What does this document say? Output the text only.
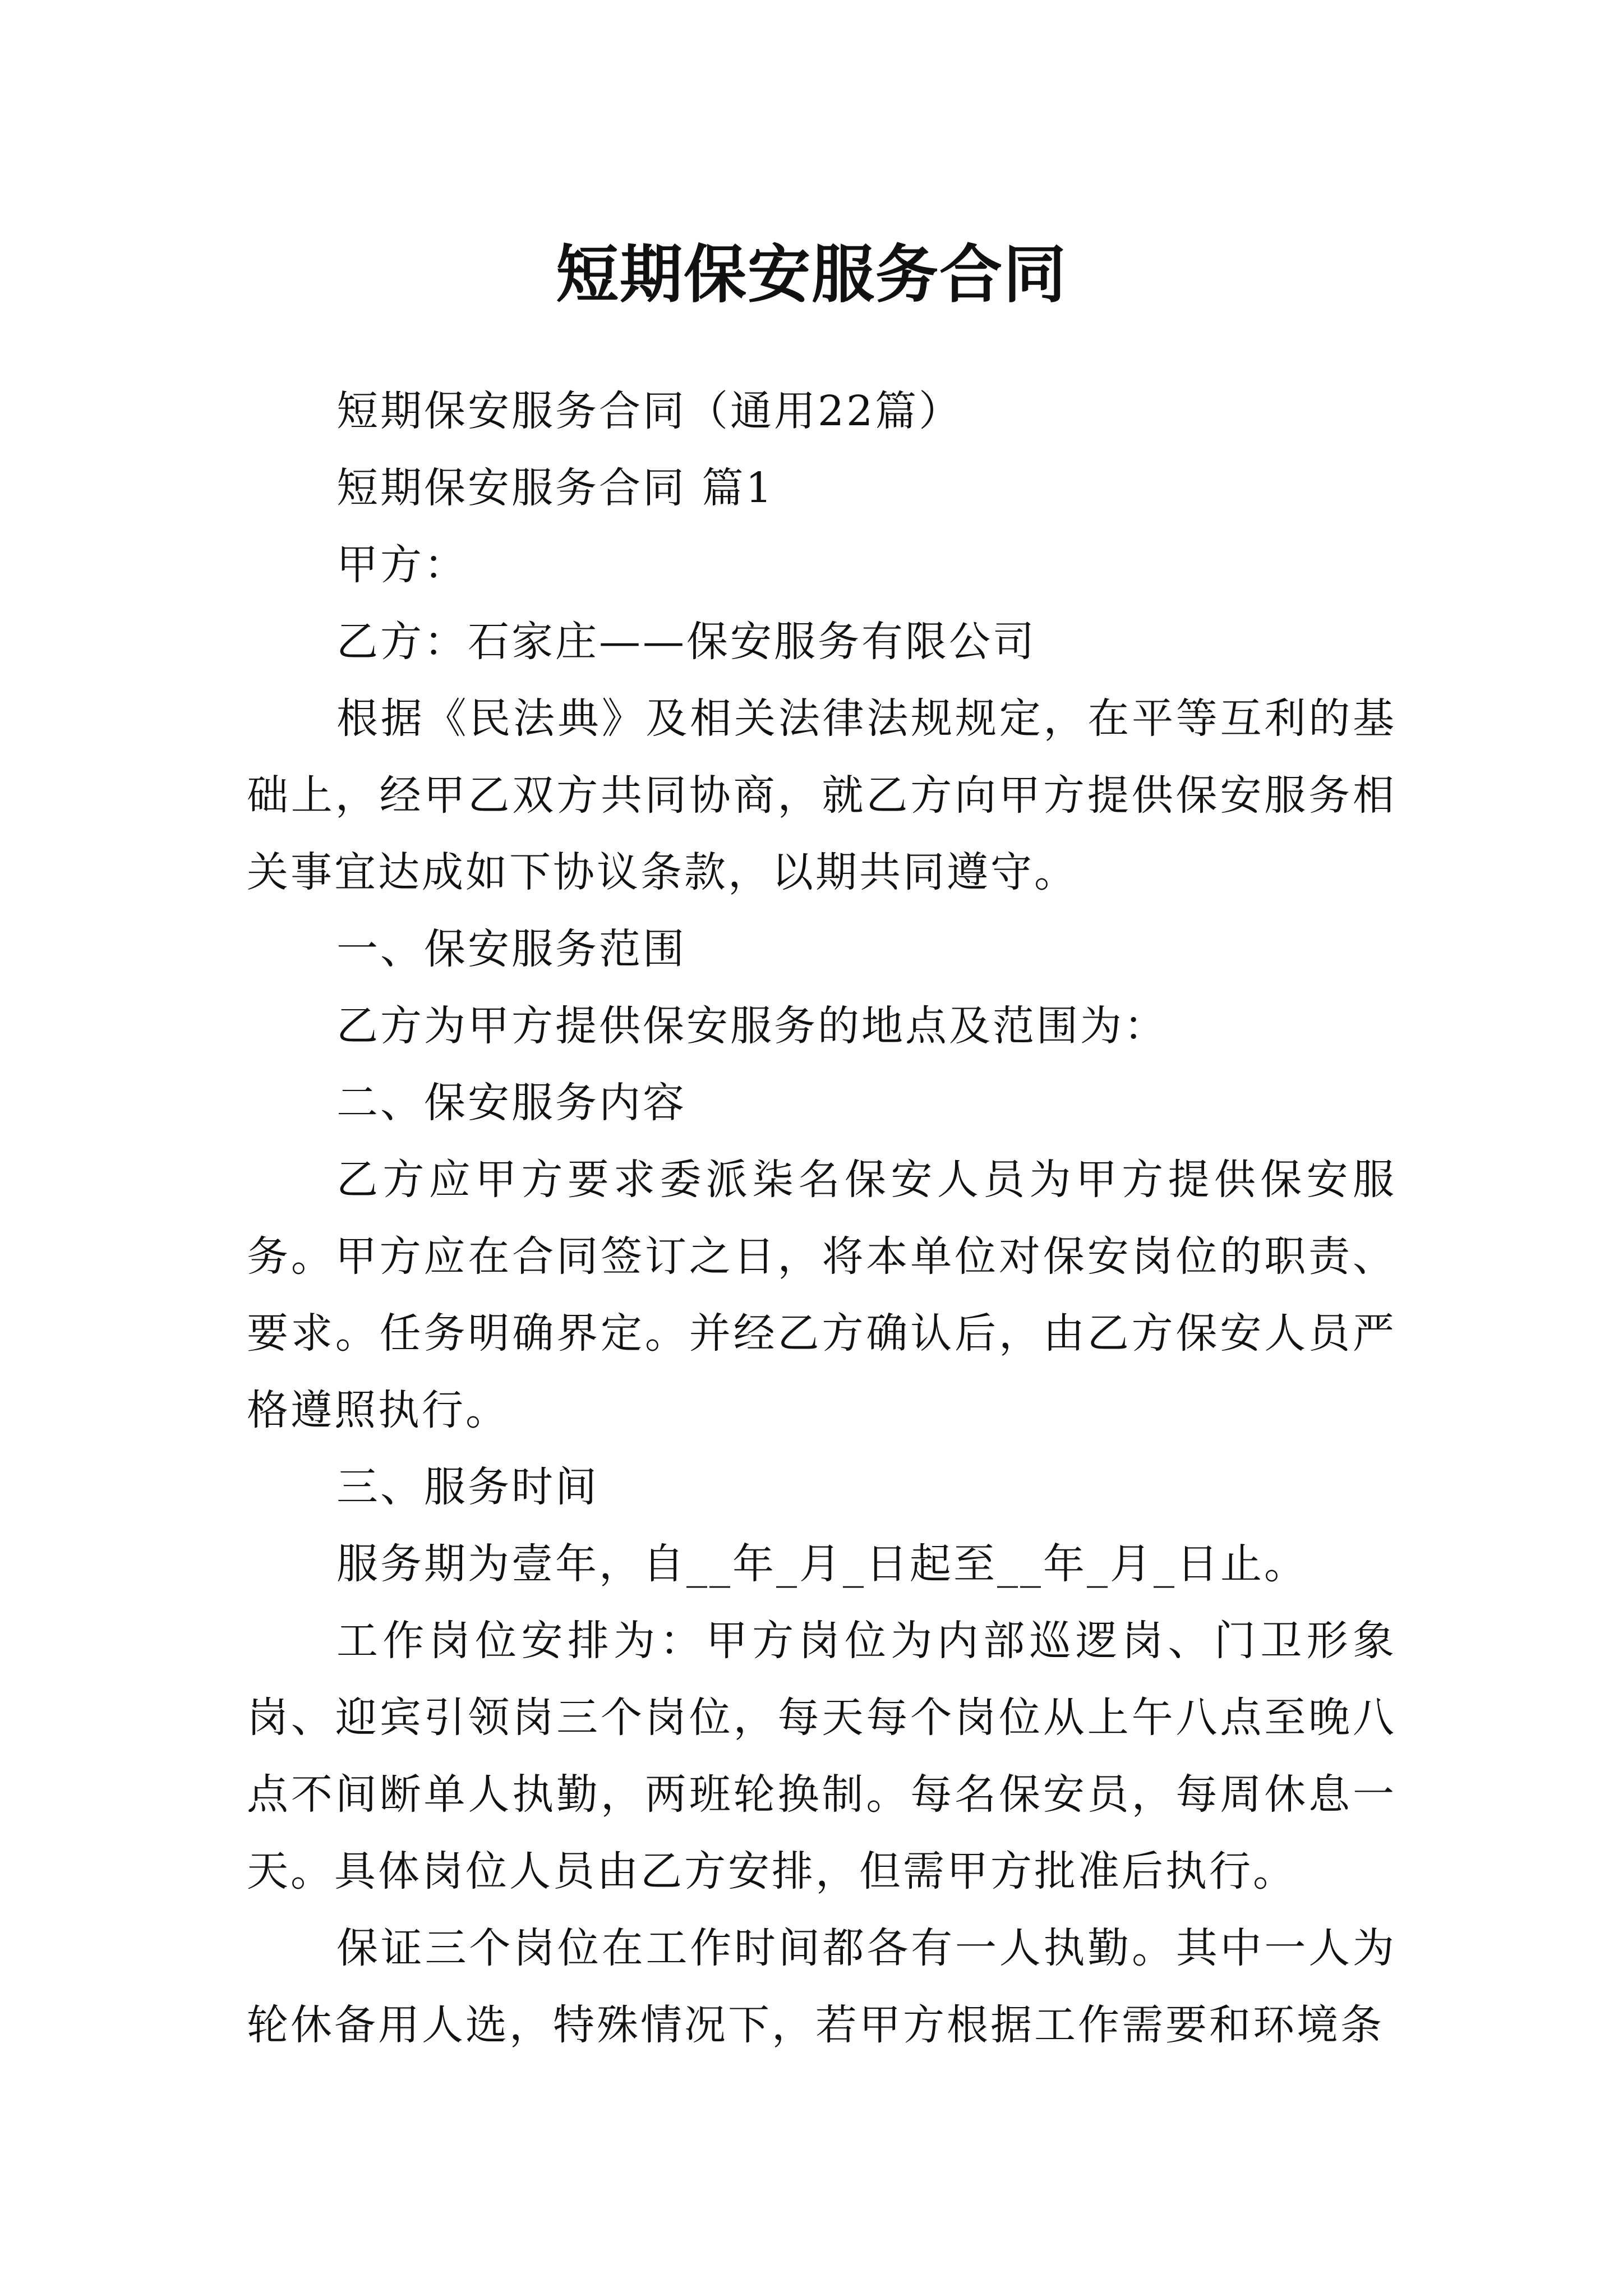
短期保安服务合同

短期保安服务合同（通用22篇）

短期保安服务合同 篇1

甲方：

乙方：石家庄——保安服务有限公司

根据《民法典》及相关法律法规规定，在平等互利的基础上，经甲乙双方共同协商，就乙方向甲方提供保安服务相关事宜达成如下协议条款，以期共同遵守。

一、保安服务范围

乙方为甲方提供保安服务的地点及范围为：

二、保安服务内容

乙方应甲方要求委派柒名保安人员为甲方提供保安服务。甲方应在合同签订之日，将本单位对保安岗位的职责、要求。任务明确界定。并经乙方确认后，由乙方保安人员严格遵照执行。

三、服务时间

服务期为壹年，自__年_月_日起至__年_月_日止。

工作岗位安排为：甲方岗位为内部巡逻岗、门卫形象岗、迎宾引领岗三个岗位，每天每个岗位从上午八点至晚八点不间断单人执勤，两班轮换制。每名保安员，每周休息一天。具体岗位人员由乙方安排，但需甲方批准后执行。

保证三个岗位在工作时间都各有一人执勤。其中一人为轮休备用人选，特殊情况下，若甲方根据工作需要和环境条
